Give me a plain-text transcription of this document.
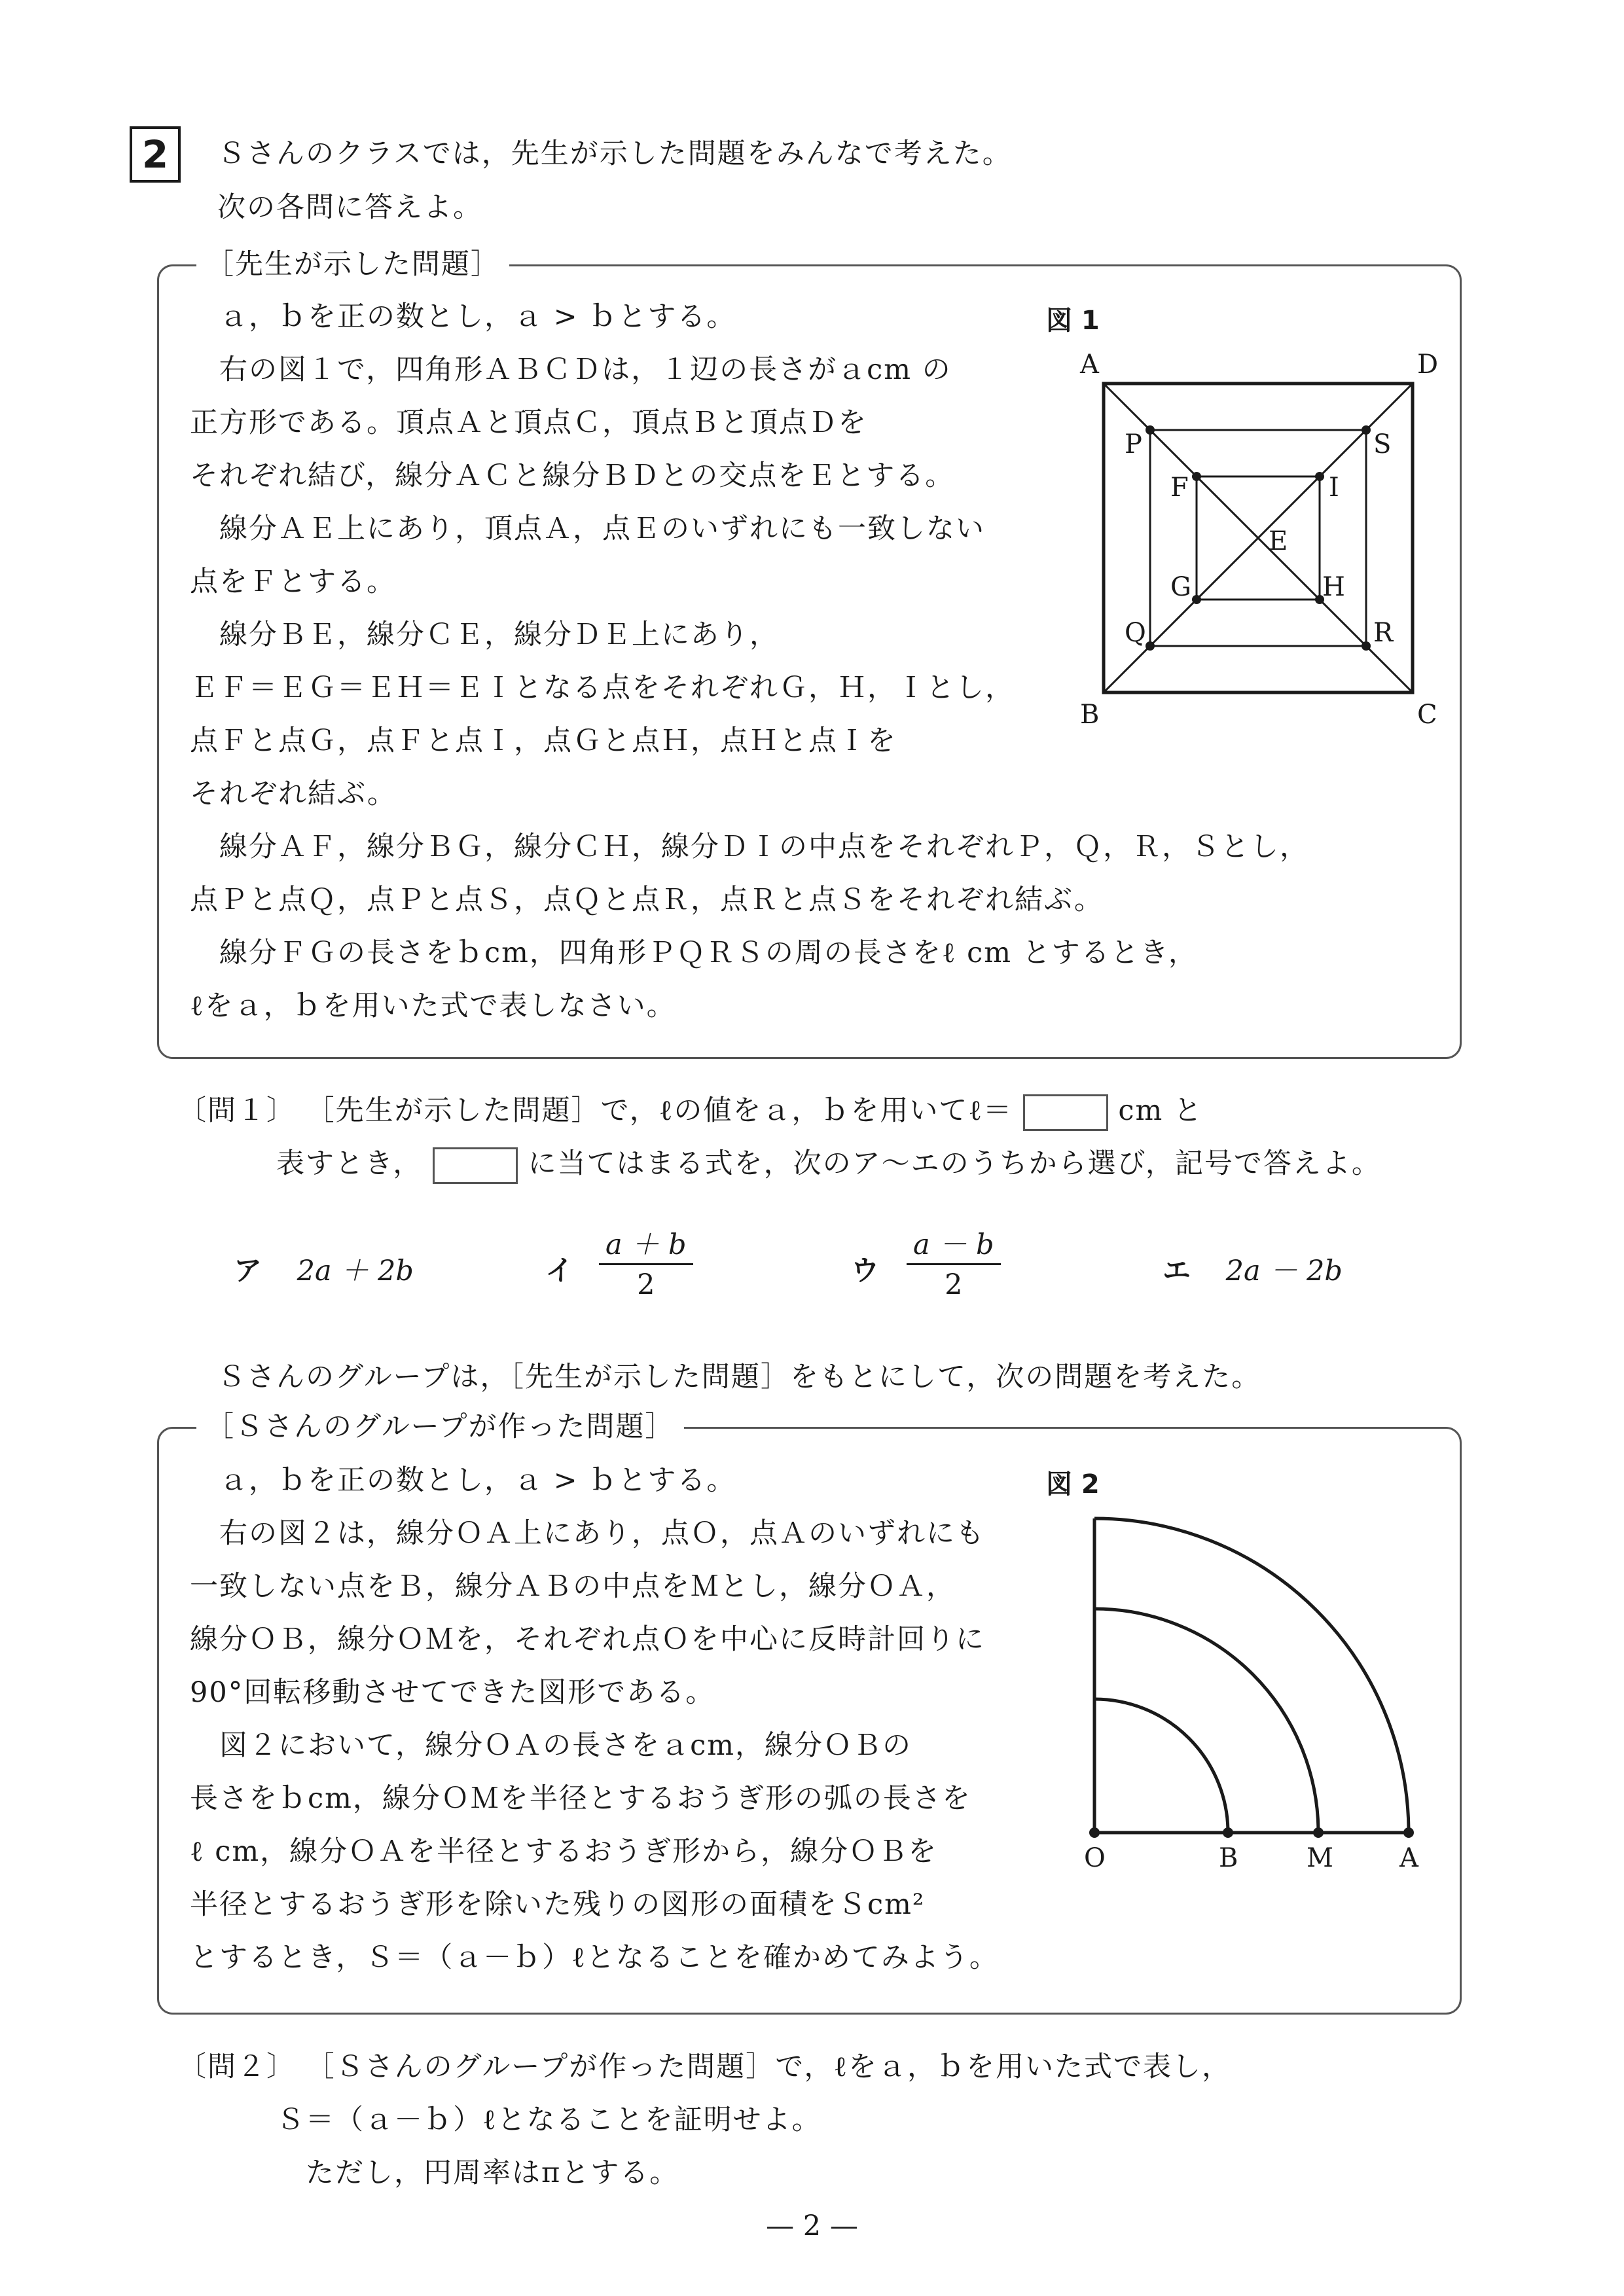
2	Ｓさんのクラスでは，先生が示した問題をみんなで考えた。
次の各問に答えよ。
［先生が示した問題］
ａ，ｂを正の数とし，ａ > ｂとする。
右の図１で，四角形ＡＢＣＤは，１辺の長さがａcm の
正方形である。頂点Ａと頂点Ｃ，頂点Ｂと頂点Ｄを
それぞれ結び，線分ＡＣと線分ＢＤとの交点をＥとする。
線分ＡＥ上にあり，頂点Ａ，点Ｅのいずれにも一致しない
点をＦとする。
線分ＢＥ，線分ＣＥ，線分ＤＥ上にあり，
ＥＦ＝ＥＧ＝ＥＨ＝ＥＩとなる点をそれぞれＧ，Ｈ，Ｉとし，
点Ｆと点Ｇ，点Ｆと点Ｉ，点Ｇと点Ｈ，点Ｈと点Ｉを
それぞれ結ぶ。
線分ＡＦ，線分ＢＧ，線分ＣＨ，線分ＤＩの中点をそれぞれＰ，Ｑ，Ｒ，Ｓとし，
点Ｐと点Ｑ，点Ｐと点Ｓ，点Ｑと点Ｒ，点Ｒと点Ｓをそれぞれ結ぶ。
線分ＦＧの長さをｂcm，四角形ＰＱＲＳの周の長さをℓ cm とするとき，
ℓをａ，ｂを用いた式で表しなさい。
図 1
A	D
B	C
P	S
Q	R
F	I
G	H
E
〔問１〕 ［先生が示した問題］で，ℓの値をａ，ｂを用いてℓ＝	cm と
表すとき，	に当てはまる式を，次のア～エのうちから選び，記号で答えよ。
ア 2a ＋ 2b	イ $\frac{a + b}{2}$	ウ $\frac{a - b}{2}$	エ 2a － 2b
Ｓさんのグループは，［先生が示した問題］をもとにして，次の問題を考えた。
［Ｓさんのグループが作った問題］
ａ，ｂを正の数とし，ａ > ｂとする。
右の図２は，線分ＯＡ上にあり，点Ｏ，点Ａのいずれにも
一致しない点をＢ，線分ＡＢの中点をＭとし，線分ＯＡ，
線分ＯＢ，線分ＯＭを，それぞれ点Ｏを中心に反時計回りに
90°回転移動させてできた図形である。
図２において，線分ＯＡの長さをａcm，線分ＯＢの
長さをｂcm，線分ＯＭを半径とするおうぎ形の弧の長さを
ℓ cm，線分ＯＡを半径とするおうぎ形から，線分ＯＢを
半径とするおうぎ形を除いた残りの図形の面積をＳcm²
とするとき，Ｓ＝（ａ－ｂ）ℓとなることを確かめてみよう。
図 2
O	B	M	A
〔問２〕 ［Ｓさんのグループが作った問題］で，ℓをａ，ｂを用いた式で表し，
Ｓ＝（ａ－ｂ）ℓとなることを証明せよ。
ただし，円周率はπとする。
— 2 —
